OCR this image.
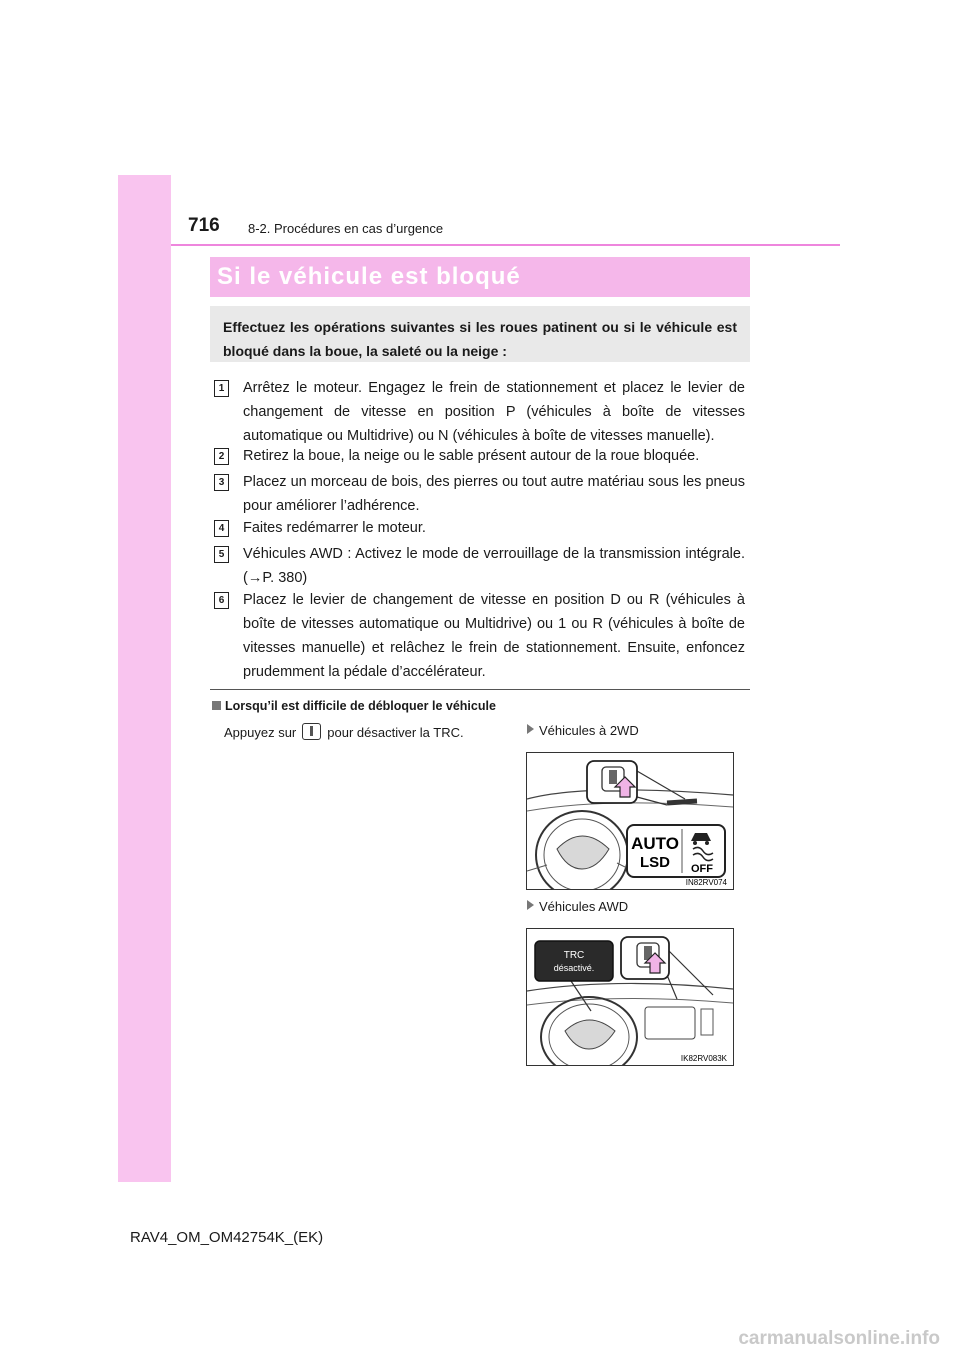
716 8-2. Procédures en cas d’urgence
Si le véhicule est bloqué
Effectuez les opérations suivantes si les roues patinent ou si le véhicule est bloqué dans la boue, la saleté ou la neige :
1	Arrêtez le moteur. Engagez le frein de stationnement et placez le levier de changement de vitesse en position P (véhicules à boîte de vitesses automatique ou Multidrive) ou N (véhicules à boîte de vitesses manuelle).
2	Retirez la boue, la neige ou le sable présent autour de la roue bloquée.
3	Placez un morceau de bois, des pierres ou tout autre matériau sous les pneus pour améliorer l’adhérence.
4	Faites redémarrer le moteur.
5	Véhicules AWD : Activez le mode de verrouillage de la transmission intégrale. (→P. 380)
6	Placez le levier de changement de vitesse en position D ou R (véhicules à boîte de vitesses automatique ou Multidrive) ou 1 ou R (véhicules à boîte de vitesses manuelle) et relâchez le frein de stationnement. Ensuite, enfoncez prudemment la pédale d’accélérateur.
Lorsqu’il est difficile de débloquer le véhicule
Appuyez sur pour désactiver la TRC.	Véhicules à 2WD
AUTO
LSD OFF
IN82RV074
Véhicules AWD
TRC
désactivé.
IK82RV083K
RAV4_OM_OM42754K_(EK)
carmanualsonline.info
